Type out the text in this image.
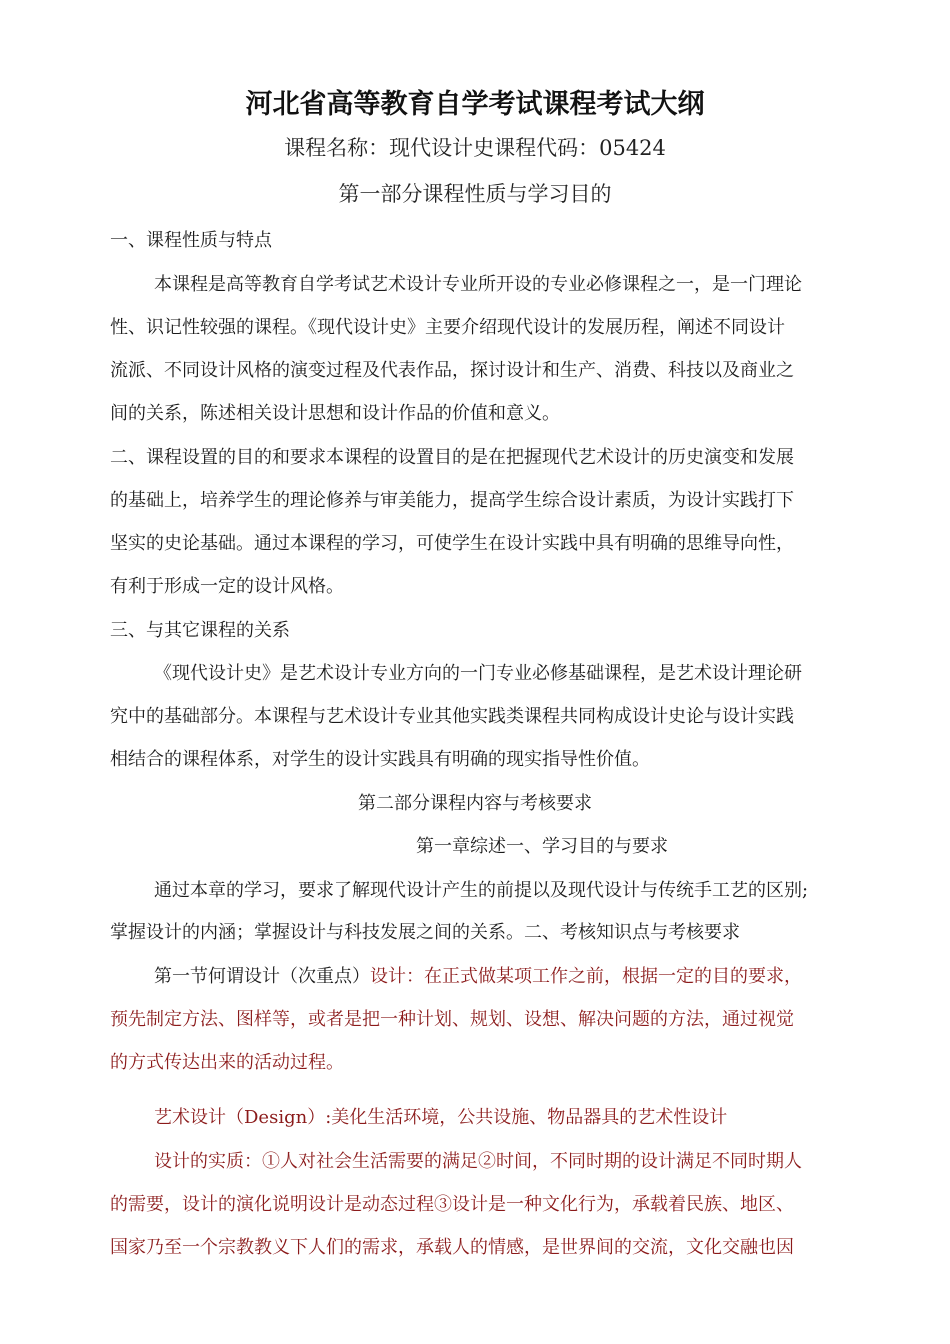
河北省高等教育自学考试课程考试大纲
课程名称：现代设计史课程代码：05424
第一部分课程性质与学习目的
一、课程性质与特点
本课程是高等教育自学考试艺术设计专业所开设的专业必修课程之一，是一门理论
性、识记性较强的课程。《现代设计史》主要介绍现代设计的发展历程，阐述不同设计
流派、不同设计风格的演变过程及代表作品，探讨设计和生产、消费、科技以及商业之
间的关系，陈述相关设计思想和设计作品的价值和意义。
二、课程设置的目的和要求本课程的设置目的是在把握现代艺术设计的历史演变和发展
的基础上，培养学生的理论修养与审美能力，提高学生综合设计素质，为设计实践打下
坚实的史论基础。通过本课程的学习，可使学生在设计实践中具有明确的思维导向性，
有利于形成一定的设计风格。
三、与其它课程的关系
《现代设计史》是艺术设计专业方向的一门专业必修基础课程，是艺术设计理论研
究中的基础部分。本课程与艺术设计专业其他实践类课程共同构成设计史论与设计实践
相结合的课程体系，对学生的设计实践具有明确的现实指导性价值。
第二部分课程内容与考核要求
第一章综述一、学习目的与要求
通过本章的学习，要求了解现代设计产生的前提以及现代设计与传统手工艺的区别;
掌握设计的内涵；掌握设计与科技发展之间的关系。二、考核知识点与考核要求
第一节何谓设计（次重点）设计：在正式做某项工作之前，根据一定的目的要求，
预先制定方法、图样等，或者是把一种计划、规划、设想、解决问题的方法，通过视觉
的方式传达出来的活动过程。
艺术设计（Design）:美化生活环境，公共设施、物品器具的艺术性设计
设计的实质：①人对社会生活需要的满足②时间，不同时期的设计满足不同时期人
的需要，设计的演化说明设计是动态过程③设计是一种文化行为，承载着民族、地区、
国家乃至一个宗教教义下人们的需求，承载人的情感，是世界间的交流，文化交融也因
